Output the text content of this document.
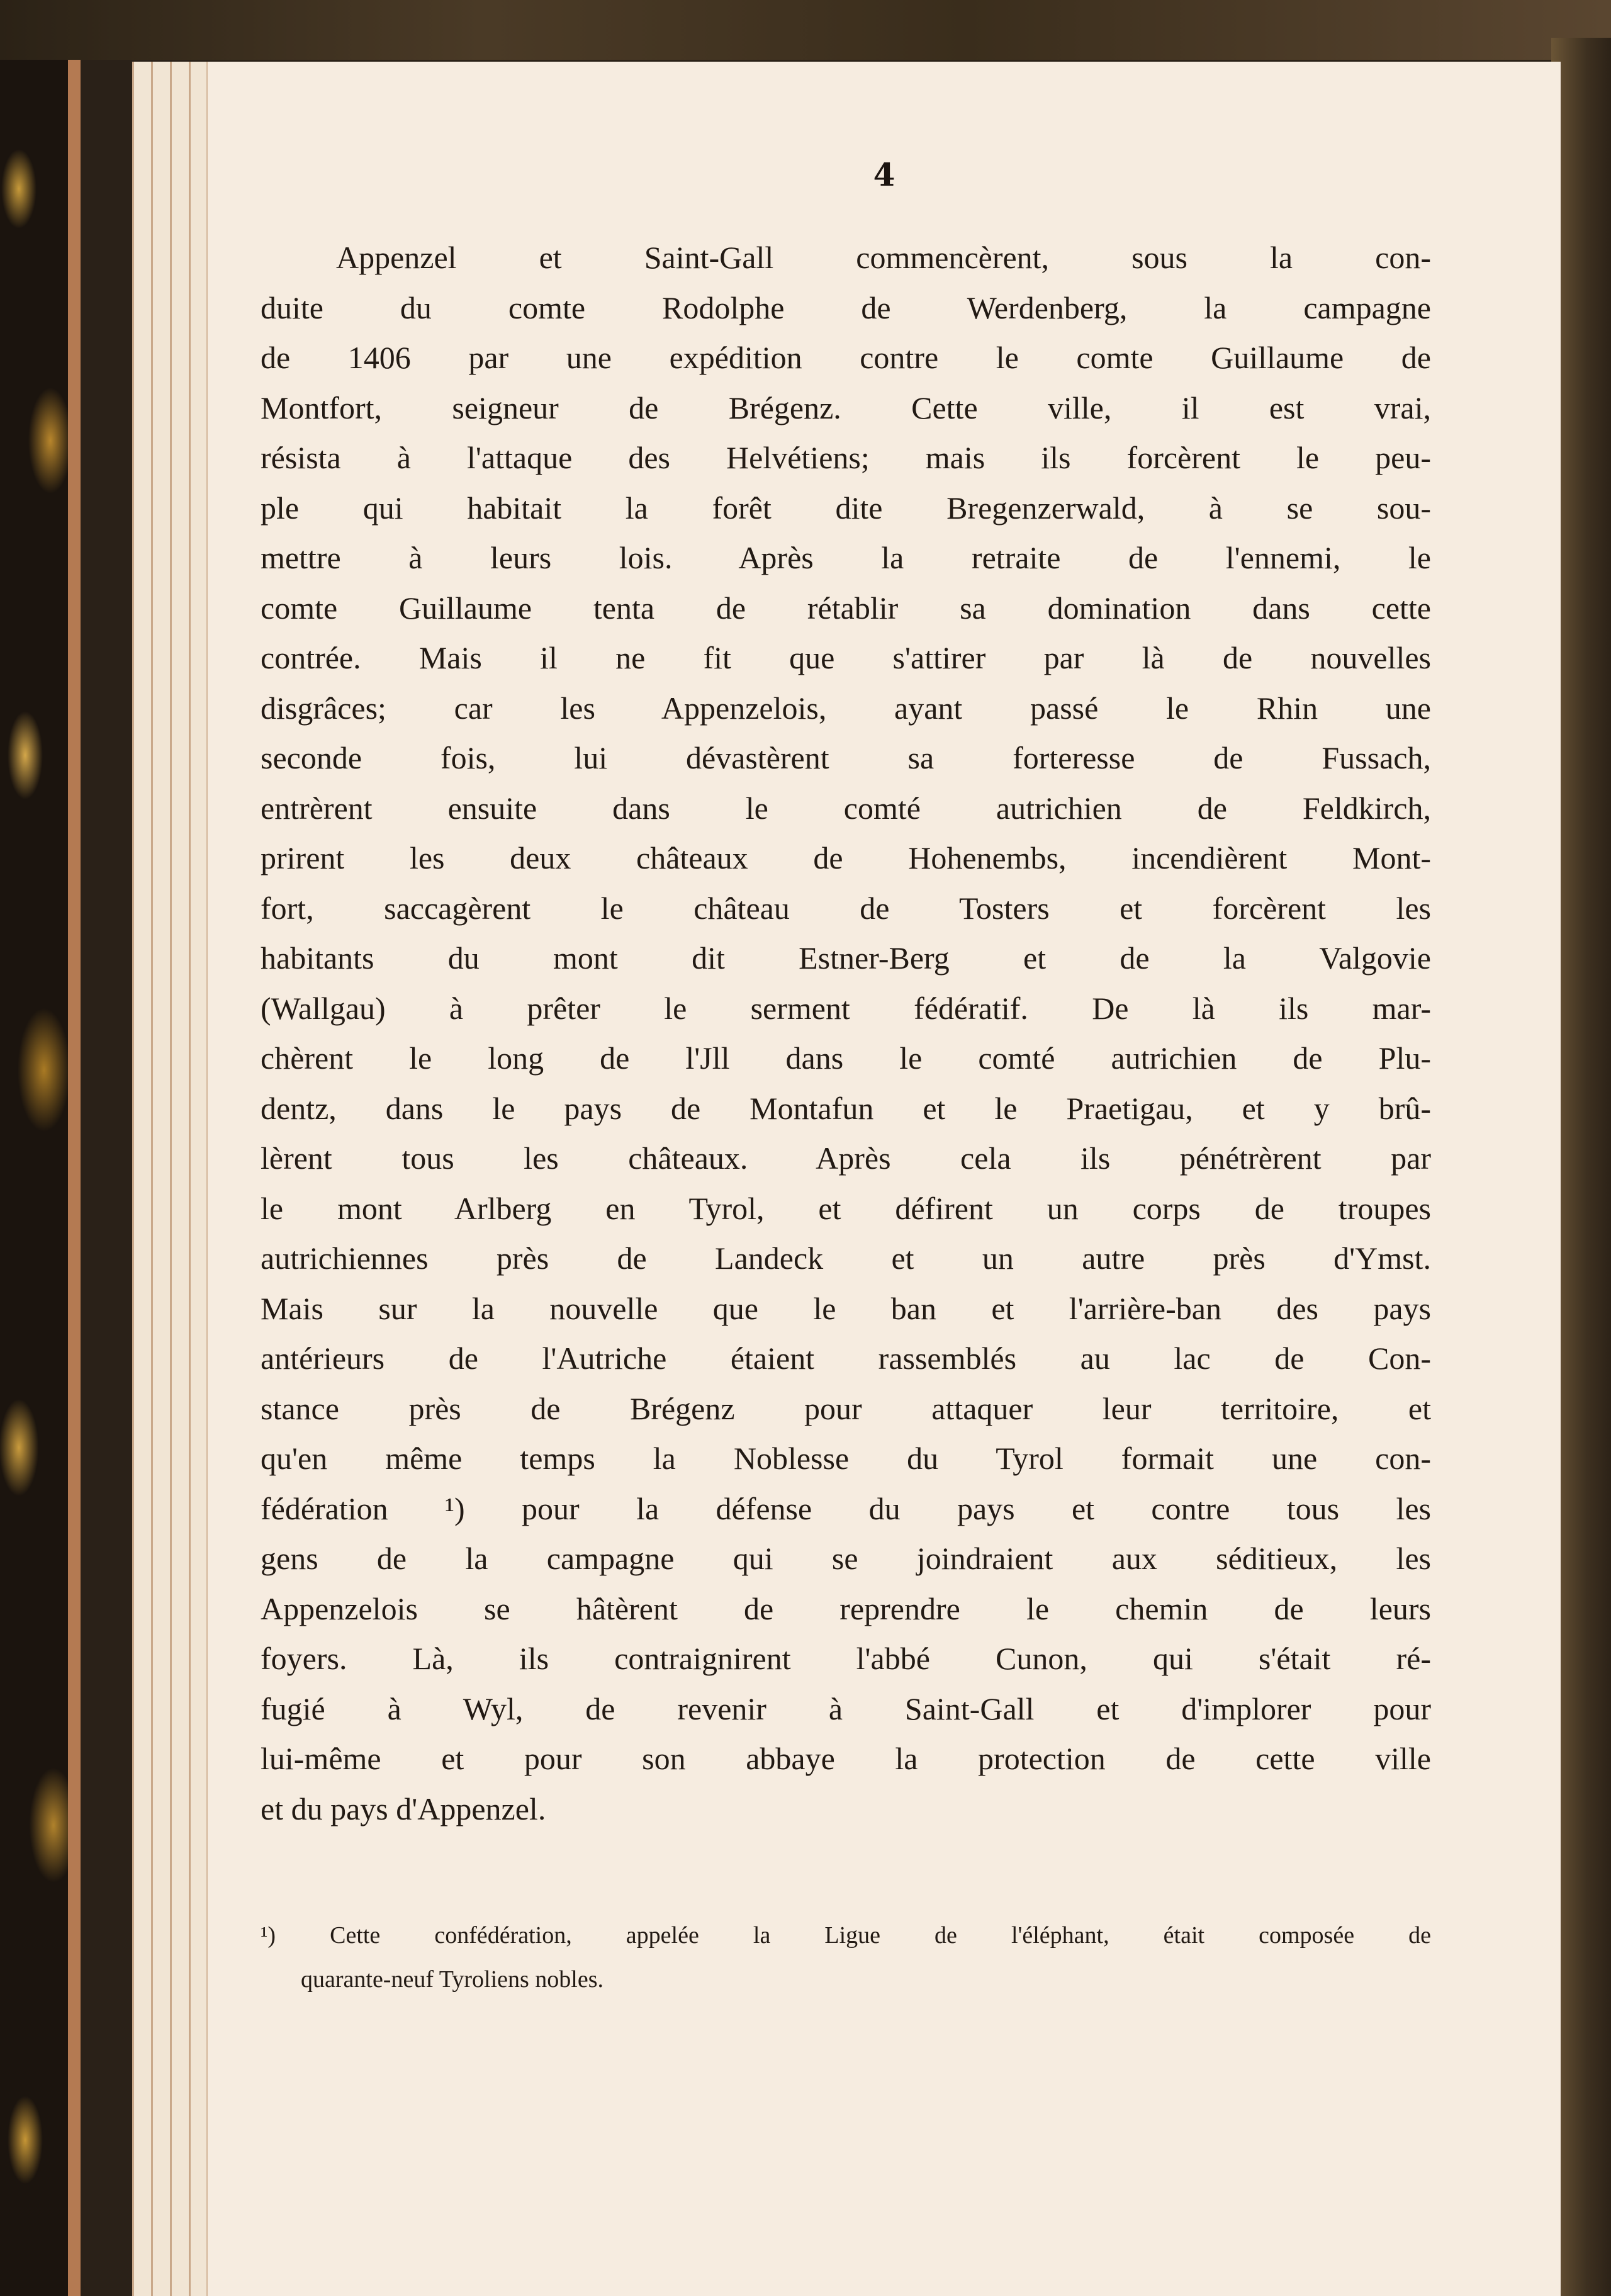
4
Appenzel et Saint-Gall commencèrent, sous la con-
duite du comte Rodolphe de Werdenberg, la campagne
de 1406 par une expédition contre le comte Guillaume de
Montfort, seigneur de Brégenz. Cette ville, il est vrai,
résista à l'attaque des Helvétiens; mais ils forcèrent le peu-
ple qui habitait la forêt dite Bregenzerwald, à se sou-
mettre à leurs lois. Après la retraite de l'ennemi, le
comte Guillaume tenta de rétablir sa domination dans cette
contrée. Mais il ne fit que s'attirer par là de nouvelles
disgrâces; car les Appenzelois, ayant passé le Rhin une
seconde fois, lui dévastèrent sa forteresse de Fussach,
entrèrent ensuite dans le comté autrichien de Feldkirch,
prirent les deux châteaux de Hohenembs, incendièrent Mont-
fort, saccagèrent le château de Tosters et forcèrent les
habitants du mont dit Estner-Berg et de la Valgovie
(Wallgau) à prêter le serment fédératif. De là ils mar-
chèrent le long de l'Jll dans le comté autrichien de Plu-
dentz, dans le pays de Montafun et le Praetigau, et y brû-
lèrent tous les châteaux. Après cela ils pénétrèrent par
le mont Arlberg en Tyrol, et défirent un corps de troupes
autrichiennes près de Landeck et un autre près d'Ymst.
Mais sur la nouvelle que le ban et l'arrière-ban des pays
antérieurs de l'Autriche étaient rassemblés au lac de Con-
stance près de Brégenz pour attaquer leur territoire, et
qu'en même temps la Noblesse du Tyrol formait une con-
fédération ¹) pour la défense du pays et contre tous les
gens de la campagne qui se joindraient aux séditieux, les
Appenzelois se hâtèrent de reprendre le chemin de leurs
foyers. Là, ils contraignirent l'abbé Cunon, qui s'était ré-
fugié à Wyl, de revenir à Saint-Gall et d'implorer pour
lui-même et pour son abbaye la protection de cette ville
et du pays d'Appenzel.
¹) Cette confédération, appelée la Ligue de l'éléphant, était composée de
quarante-neuf Tyroliens nobles.
